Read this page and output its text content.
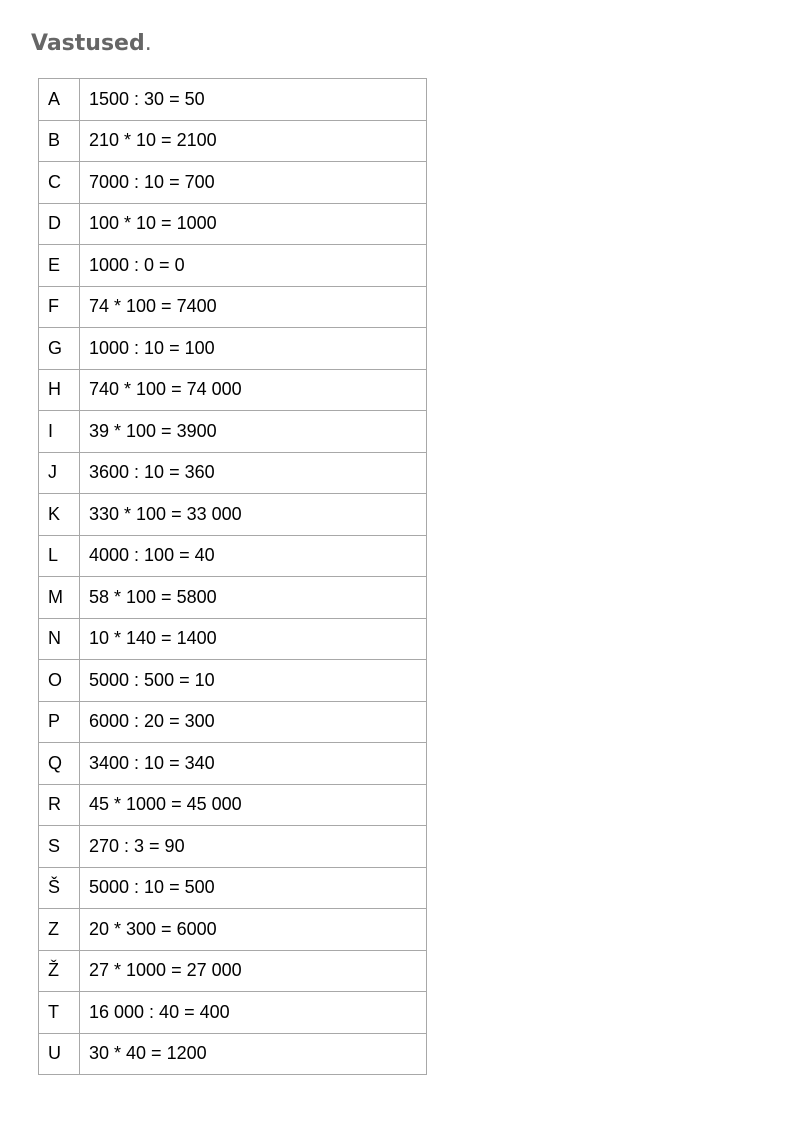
Vastused.
A	1500 : 30 = 50
B	210 * 10 = 2100
C	7000 : 10 = 700
D	100 * 10 = 1000
E	1000 : 0 = 0
F	74 * 100 = 7400
G	1000 : 10 = 100
H	740 * 100 = 74 000
I	39 * 100 = 3900
J	3600 : 10 = 360
K	330 * 100 = 33 000
L	4000 : 100 = 40
M	58 * 100 = 5800
N	10 * 140 = 1400
O	5000 : 500 = 10
P	6000 : 20 = 300
Q	3400 : 10 = 340
R	45 * 1000 = 45 000
S	270 : 3 = 90
Š	5000 : 10 = 500
Z	20 * 300 = 6000
Ž	27 * 1000 = 27 000
T	16 000 : 40 = 400
U	30 * 40 = 1200
